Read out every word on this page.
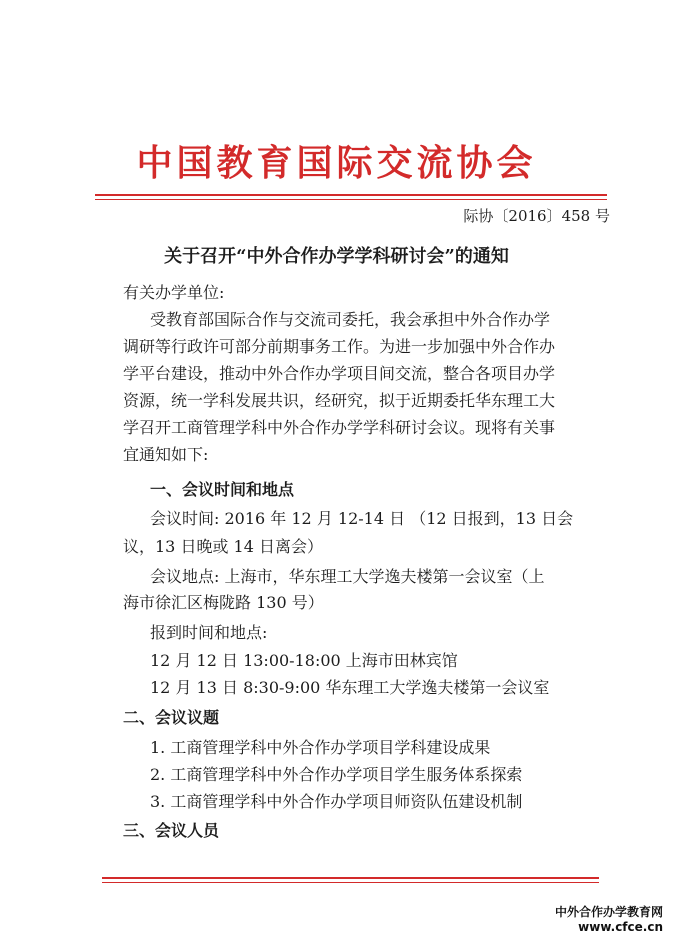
中国教育国际交流协会
际协〔2016〕458 号
关于召开“中外合作办学学科研讨会”的通知
有关办学单位:
受教育部国际合作与交流司委托，我会承担中外合作办学
调研等行政许可部分前期事务工作。为进一步加强中外合作办
学平台建设，推动中外合作办学项目间交流，整合各项目办学
资源，统一学科发展共识，经研究，拟于近期委托华东理工大
学召开工商管理学科中外合作办学学科研讨会议。现将有关事
宜通知如下:
一、会议时间和地点
会议时间: 2016 年 12 月 12-14 日 （12 日报到，13 日会
议，13 日晚或 14 日离会）
会议地点: 上海市，华东理工大学逸夫楼第一会议室（上
海市徐汇区梅陇路 130 号）
报到时间和地点:
12 月 12 日 13:00-18:00 上海市田林宾馆
12 月 13 日 8:30-9:00 华东理工大学逸夫楼第一会议室
二、会议议题
1. 工商管理学科中外合作办学项目学科建设成果
2. 工商管理学科中外合作办学项目学生服务体系探索
3. 工商管理学科中外合作办学项目师资队伍建设机制
三、会议人员
中外合作办学教育网
www.cfce.cn
